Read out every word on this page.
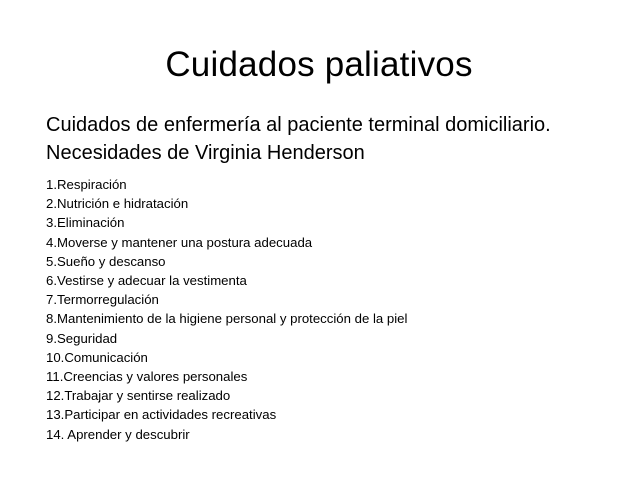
Cuidados paliativos
Cuidados de enfermería al paciente terminal domiciliario.
Necesidades de Virginia Henderson
1.Respiración
2.Nutrición e hidratación
3.Eliminación
4.Moverse y mantener una postura adecuada
5.Sueño y descanso
6.Vestirse y adecuar la vestimenta
7.Termorregulación
8.Mantenimiento de la higiene personal y protección de la piel
9.Seguridad
10.Comunicación
11.Creencias y valores personales
12.Trabajar y sentirse realizado
13.Participar en actividades recreativas
14. Aprender y descubrir
